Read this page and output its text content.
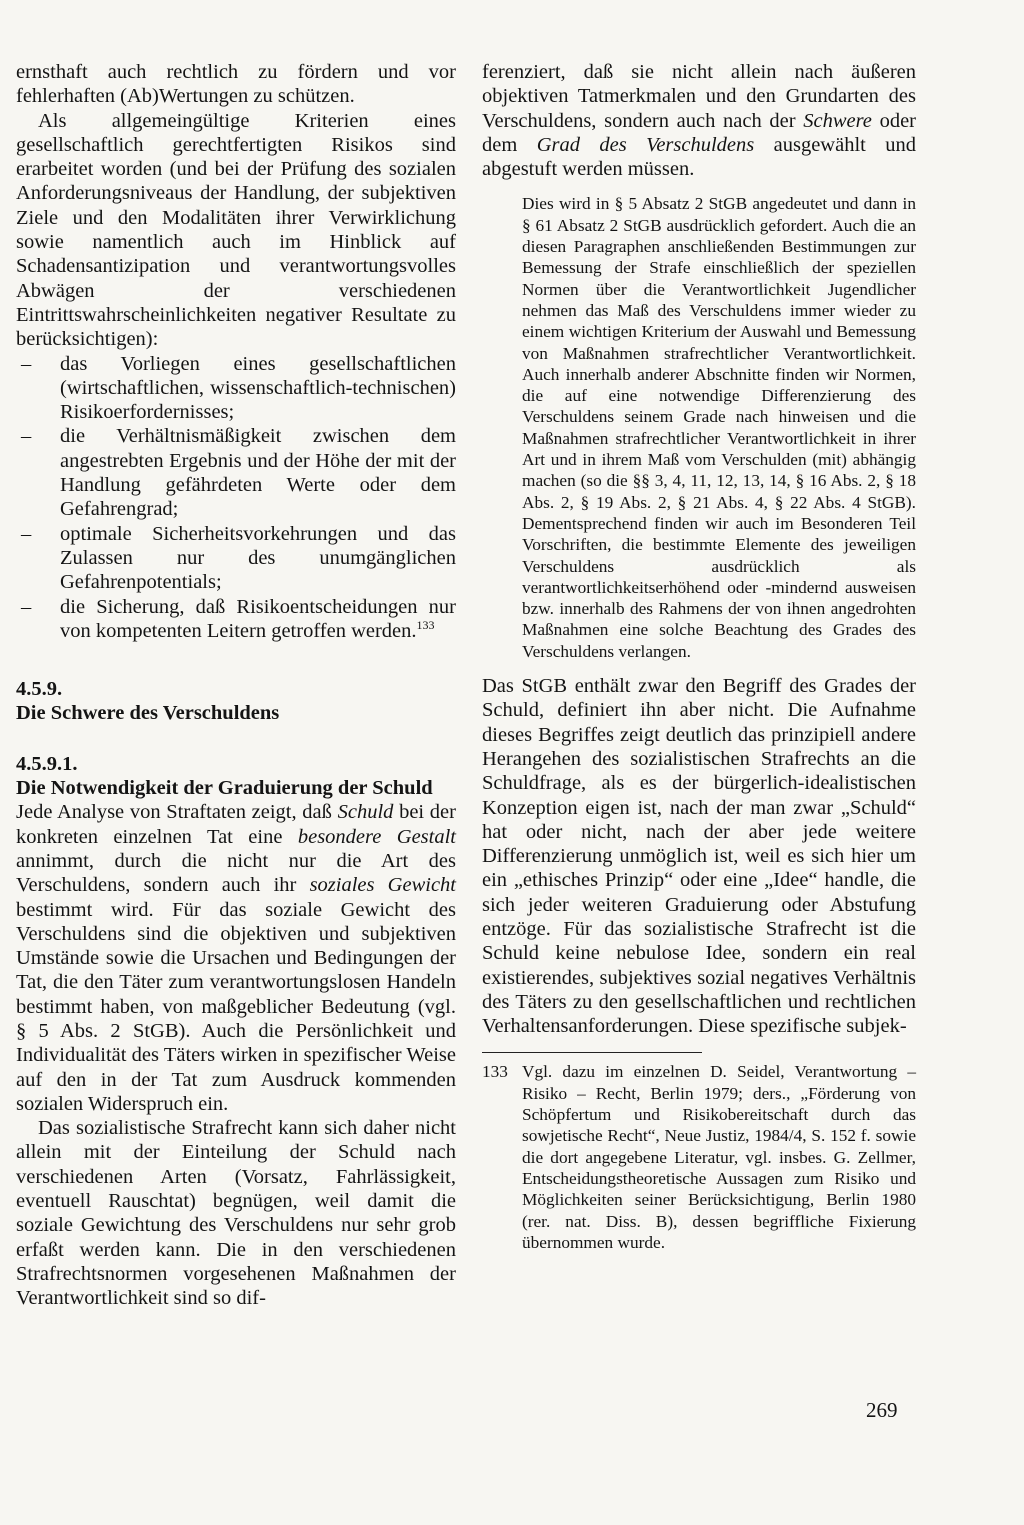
ernsthaft auch rechtlich zu fördern und vor fehlerhaften (Ab)Wertungen zu schützen.

Als allgemeingültige Kriterien eines gesellschaftlich gerechtfertigten Risikos sind erarbeitet worden (und bei der Prüfung des sozialen Anforderungsniveaus der Handlung, der subjektiven Ziele und den Modalitäten ihrer Verwirklichung sowie namentlich auch im Hinblick auf Schadensantizipation und verantwortungsvolles Abwägen der verschiedenen Eintrittswahrscheinlichkeiten negativer Resultate zu berücksichtigen):

– das Vorliegen eines gesellschaftlichen (wirtschaftlichen, wissenschaftlich-technischen) Risikoerfordernisses;
– die Verhältnismäßigkeit zwischen dem angestrebten Ergebnis und der Höhe der mit der Handlung gefährdeten Werte oder dem Gefahrengrad;
– optimale Sicherheitsvorkehrungen und das Zulassen nur des unumgänglichen Gefahrenpotentials;
– die Sicherung, daß Risikoentscheidungen nur von kompetenten Leitern getroffen werden.$^{133}$
4.5.9.
Die Schwere des Verschuldens
4.5.9.1.

Die Notwendigkeit der Graduierung der Schuld

Jede Analyse von Straftaten zeigt, daß Schuld bei der konkreten einzelnen Tat eine besondere Gestalt annimmt, durch die nicht nur die Art des Verschuldens, sondern auch ihr soziales Gewicht bestimmt wird. Für das soziale Gewicht des Verschuldens sind die objektiven und subjektiven Umstände sowie die Ursachen und Bedingungen der Tat, die den Täter zum verantwortungslosen Handeln bestimmt haben, von maßgeblicher Bedeutung (vgl. § 5 Abs. 2 StGB). Auch die Persönlichkeit und Individualität des Täters wirken in spezifischer Weise auf den in der Tat zum Ausdruck kommenden sozialen Widerspruch ein.

Das sozialistische Strafrecht kann sich daher nicht allein mit der Einteilung der Schuld nach verschiedenen Arten (Vorsatz, Fahrlässigkeit, eventuell Rauschtat) begnügen, weil damit die soziale Gewichtung des Verschuldens nur sehr grob erfaßt werden kann. Die in den verschiedenen Strafrechtsnormen vorgesehenen Maßnahmen der Verantwortlichkeit sind so dif-

ferenziert, daß sie nicht allein nach äußeren objektiven Tatmerkmalen und den Grundarten des Verschuldens, sondern auch nach der Schwere oder dem Grad des Verschuldens ausgewählt und abgestuft werden müssen.

Dies wird in § 5 Absatz 2 StGB angedeutet und dann in § 61 Absatz 2 StGB ausdrücklich gefordert. Auch die an diesen Paragraphen anschließenden Bestimmungen zur Bemessung der Strafe einschließlich der speziellen Normen über die Verantwortlichkeit Jugendlicher nehmen das Maß des Verschuldens immer wieder zu einem wichtigen Kriterium der Auswahl und Bemessung von Maßnahmen strafrechtlicher Verantwortlichkeit. Auch innerhalb anderer Abschnitte finden wir Normen, die auf eine notwendige Differenzierung des Verschuldens seinem Grade nach hinweisen und die Maßnahmen strafrechtlicher Verantwortlichkeit in ihrer Art und in ihrem Maß vom Verschulden (mit) abhängig machen (so die §§ 3, 4, 11, 12, 13, 14, § 16 Abs. 2, § 18 Abs. 2, § 19 Abs. 2, § 21 Abs. 4, § 22 Abs. 4 StGB). Dementsprechend finden wir auch im Besonderen Teil Vorschriften, die bestimmte Elemente des jeweiligen Verschuldens ausdrücklich als verantwortlichkeitserhöhend oder -mindernd ausweisen bzw. innerhalb des Rahmens der von ihnen angedrohten Maßnahmen eine solche Beachtung des Grades des Verschuldens verlangen.

Das StGB enthält zwar den Begriff des Grades der Schuld, definiert ihn aber nicht. Die Aufnahme dieses Begriffes zeigt deutlich das prinzipiell andere Herangehen des sozialistischen Strafrechts an die Schuldfrage, als es der bürgerlich-idealistischen Konzeption eigen ist, nach der man zwar „Schuld“ hat oder nicht, nach der aber jede weitere Differenzierung unmöglich ist, weil es sich hier um ein „ethisches Prinzip“ oder eine „Idee“ handle, die sich jeder weiteren Graduierung oder Abstufung entzöge. Für das sozialistische Strafrecht ist die Schuld keine nebulose Idee, sondern ein real existierendes, subjektives sozial negatives Verhältnis des Täters zu den gesellschaftlichen und rechtlichen Verhaltensanforderungen. Diese spezifische subjek-

133 Vgl. dazu im einzelnen D. Seidel, Verantwortung – Risiko – Recht, Berlin 1979; ders., „Förderung von Schöpfertum und Risikobereitschaft durch das sowjetische Recht“, Neue Justiz, 1984/4, S. 152 f. sowie die dort angegebene Literatur, vgl. insbes. G. Zellmer, Entscheidungstheoretische Aussagen zum Risiko und Möglichkeiten seiner Berücksichtigung, Berlin 1980 (rer. nat. Diss. B), dessen begriffliche Fixierung übernommen wurde.
269
